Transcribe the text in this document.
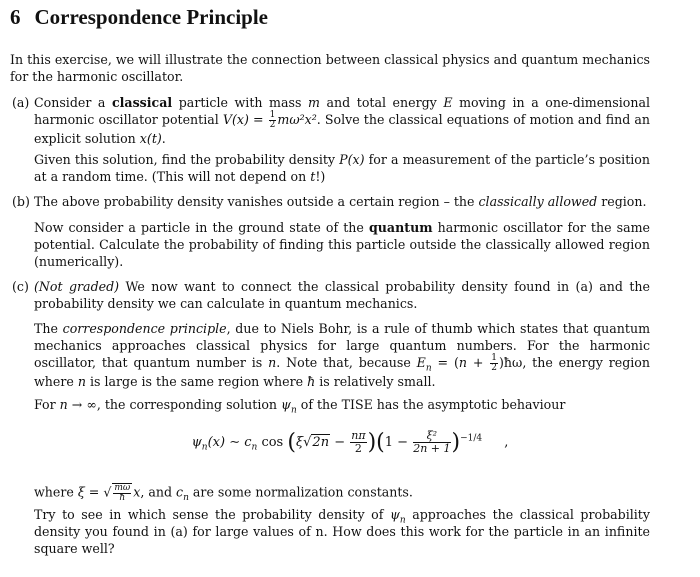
6 Correspondence Principle
In this exercise, we will illustrate the connection between classical physics and quantum mechanics for the harmonic oscillator.
(a) Consider a classical particle with mass m and total energy E moving in a one-dimensional harmonic oscillator potential $V(x) = \frac{1}{2} m\omega^2x^2$. Solve the classical equations of motion and find an explicit solution x(t).
Given this solution, find the probability density P(x) for a measurement of the particle’s position at a random time. (This will not depend on t!)
(b) The above probability density vanishes outside a certain region – the classically allowed region.
Now consider a particle in the ground state of the quantum harmonic oscillator for the same potential. Calculate the probability of finding this particle outside the classically allowed region (numerically).
(c) (Not graded) We now want to connect the classical probability density found in (a) and the probability density we can calculate in quantum mechanics.
The correspondence principle, due to Niels Bohr, is a rule of thumb which states that quantum mechanics approaches classical physics for large quantum numbers. For the harmonic oscillator, that quantum number is n. Note that, because $E_n = (n + \frac{1}{2}$ )ħω, the energy region where n is large is the same region where ħ is relatively small.
For n → ∞, the corresponding solution $\psi_n$ of the TISE has the asymptotic behaviour
$\psi_n(x)$ ∼ $c_n$ $\cos (\xi√2n - \frac{n\pi}{2} )(1 - \frac{\text{ξ²}}{2n + 1} )^{-1/4}$ ,
where ξ = √ $\frac{m\omega}{ħ} x$, and $c_n$ are some normalization constants.
Try to see in which sense the probability density of $\psi_n$ approaches the classical probability density you found in (a) for large values of n. How does this work for the particle in an infinite square well?
